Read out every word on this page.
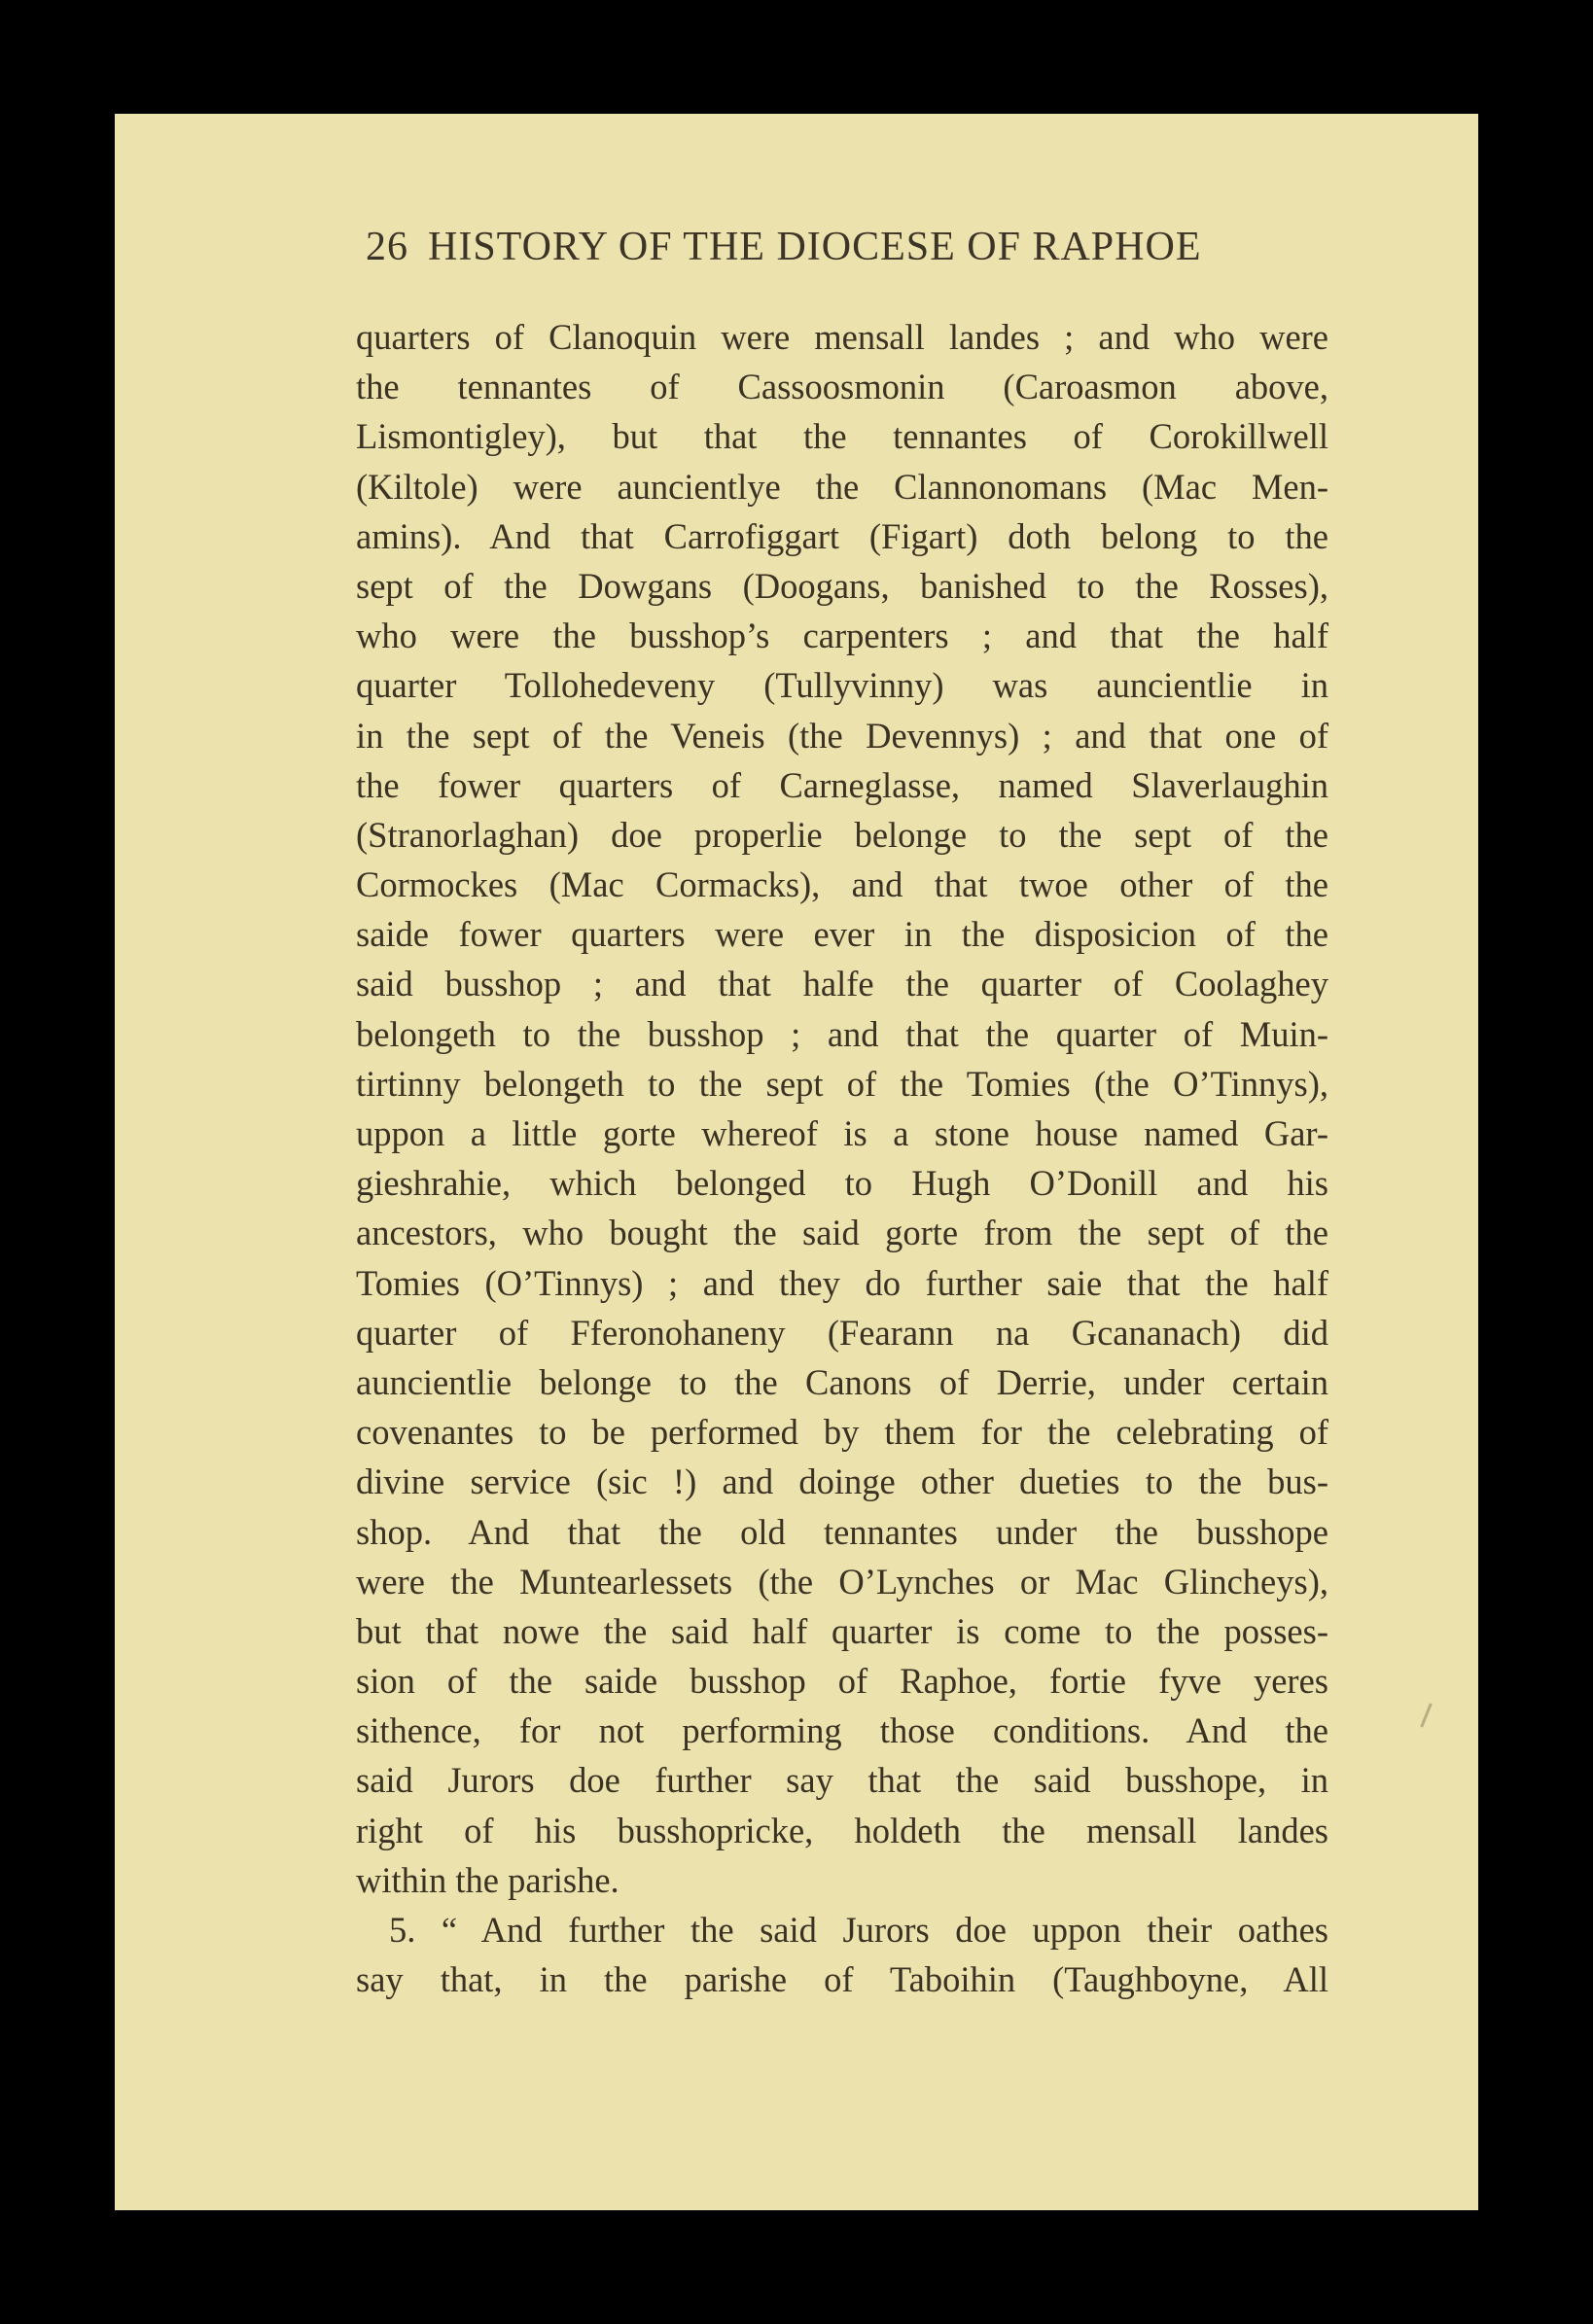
26 HISTORY OF THE DIOCESE OF RAPHOE
quarters of Clanoquin were mensall landes ; and who were
the tennantes of Cassoosmonin (Caroasmon above,
Lismontigley), but that the tennantes of Corokillwell
(Kiltole) were auncientlye the Clannonomans (Mac Men-
amins). And that Carrofiggart (Figart) doth belong to the
sept of the Dowgans (Doogans, banished to the Rosses),
who were the busshop’s carpenters ; and that the half
quarter Tollohedeveny (Tullyvinny) was auncientlie in
in the sept of the Veneis (the Devennys) ; and that one of
the fower quarters of Carneglasse, named Slaverlaughin
(Stranorlaghan) doe properlie belonge to the sept of the
Cormockes (Mac Cormacks), and that twoe other of the
saide fower quarters were ever in the disposicion of the
said busshop ; and that halfe the quarter of Coolaghey
belongeth to the busshop ; and that the quarter of Muin-
tirtinny belongeth to the sept of the Tomies (the O’Tinnys),
uppon a little gorte whereof is a stone house named Gar-
gieshrahie, which belonged to Hugh O’Donill and his
ancestors, who bought the said gorte from the sept of the
Tomies (O’Tinnys) ; and they do further saie that the half
quarter of Fferonohaneny (Fearann na Gcananach) did
auncientlie belonge to the Canons of Derrie, under certain
covenantes to be performed by them for the celebrating of
divine service (sic !) and doinge other dueties to the bus-
shop. And that the old tennantes under the busshope
were the Muntearlessets (the O’Lynches or Mac Glincheys),
but that nowe the said half quarter is come to the posses-
sion of the saide busshop of Raphoe, fortie fyve yeres
sithence, for not performing those conditions. And the
said Jurors doe further say that the said busshope, in
right of his busshopricke, holdeth the mensall landes
within the parishe.
5. “ And further the said Jurors doe uppon their oathes
say that, in the parishe of Taboihin (Taughboyne, All
